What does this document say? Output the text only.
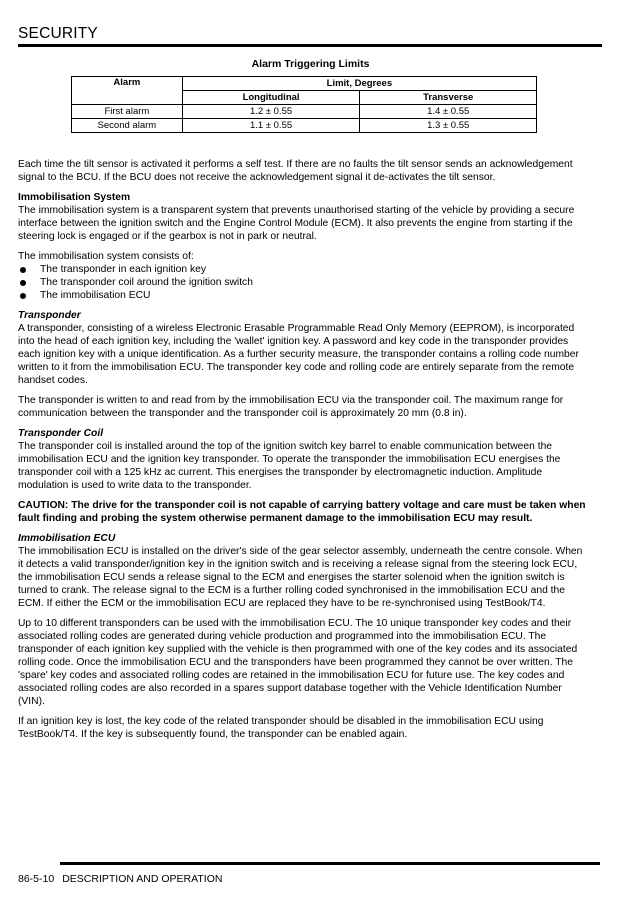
SECURITY
Alarm Triggering Limits
Alarm	Limit, Degrees	
	Longitudinal	Transverse
First alarm	1.2 ± 0.55	1.4 ± 0.55
Second alarm	1.1 ± 0.55	1.3 ± 0.55

Each time the tilt sensor is activated it performs a self test. If there are no faults the tilt sensor sends an acknowledgement signal to the BCU. If the BCU does not receive the acknowledgement signal it de-activates the tilt sensor.

Immobilisation System

The immobilisation system is a transparent system that prevents unauthorised starting of the vehicle by providing a secure interface between the ignition switch and the Engine Control Module (ECM). It also prevents the engine from starting if the steering lock is engaged or if the gearbox is not in park or neutral.

The immobilisation system consists of:

The transponder in each ignition key
The transponder coil around the ignition switch
The immobilisation ECU
Transponder

A transponder, consisting of a wireless Electronic Erasable Programmable Read Only Memory (EEPROM), is incorporated into the head of each ignition key, including the 'wallet' ignition key. A password and key code in the transponder provides each ignition key with a unique identification. As a further security measure, the transponder contains a rolling code number written to it from the immobilisation ECU. The transponder key code and rolling code are entirely separate from the remote handset codes.

The transponder is written to and read from by the immobilisation ECU via the transponder coil. The maximum range for communication between the transponder and the transponder coil is approximately 20 mm (0.8 in).

Transponder Coil

The transponder coil is installed around the top of the ignition switch key barrel to enable communication between the immobilisation ECU and the ignition key transponder. To operate the transponder the immobilisation ECU energises the transponder coil with a 125 kHz ac current. This energises the transponder by electromagnetic induction. Amplitude modulation is used to write data to the transponder.

CAUTION: The drive for the transponder coil is not capable of carrying battery voltage and care must be taken when fault finding and probing the system otherwise permanent damage to the immobilisation ECU may result.

Immobilisation ECU

The immobilisation ECU is installed on the driver's side of the gear selector assembly, underneath the centre console. When it detects a valid transponder/ignition key in the ignition switch and is receiving a release signal from the steering lock ECU, the immobilisation ECU sends a release signal to the ECM and energises the starter solenoid when the ignition switch is turned to crank. The release signal to the ECM is a further rolling coded synchronised in the immobilisation ECU and the ECM. If either the ECM or the immobilisation ECU are replaced they have to be re-synchronised using TestBook/T4.

Up to 10 different transponders can be used with the immobilisation ECU. The 10 unique transponder key codes and their associated rolling codes are generated during vehicle production and programmed into the immobilisation ECU. The transponder of each ignition key supplied with the vehicle is then programmed with one of the key codes and its associated rolling code. Once the immobilisation ECU and the transponders have been programmed they cannot be over written. The 'spare' key codes and associated rolling codes are retained in the immobilisation ECU for future use. The key codes and associated rolling codes are also recorded in a spares support database together with the Vehicle Identification Number (VIN).

If an ignition key is lost, the key code of the related transponder should be disabled in the immobilisation ECU using TestBook/T4. If the key is subsequently found, the transponder can be enabled again.

86-5-10 DESCRIPTION AND OPERATION
